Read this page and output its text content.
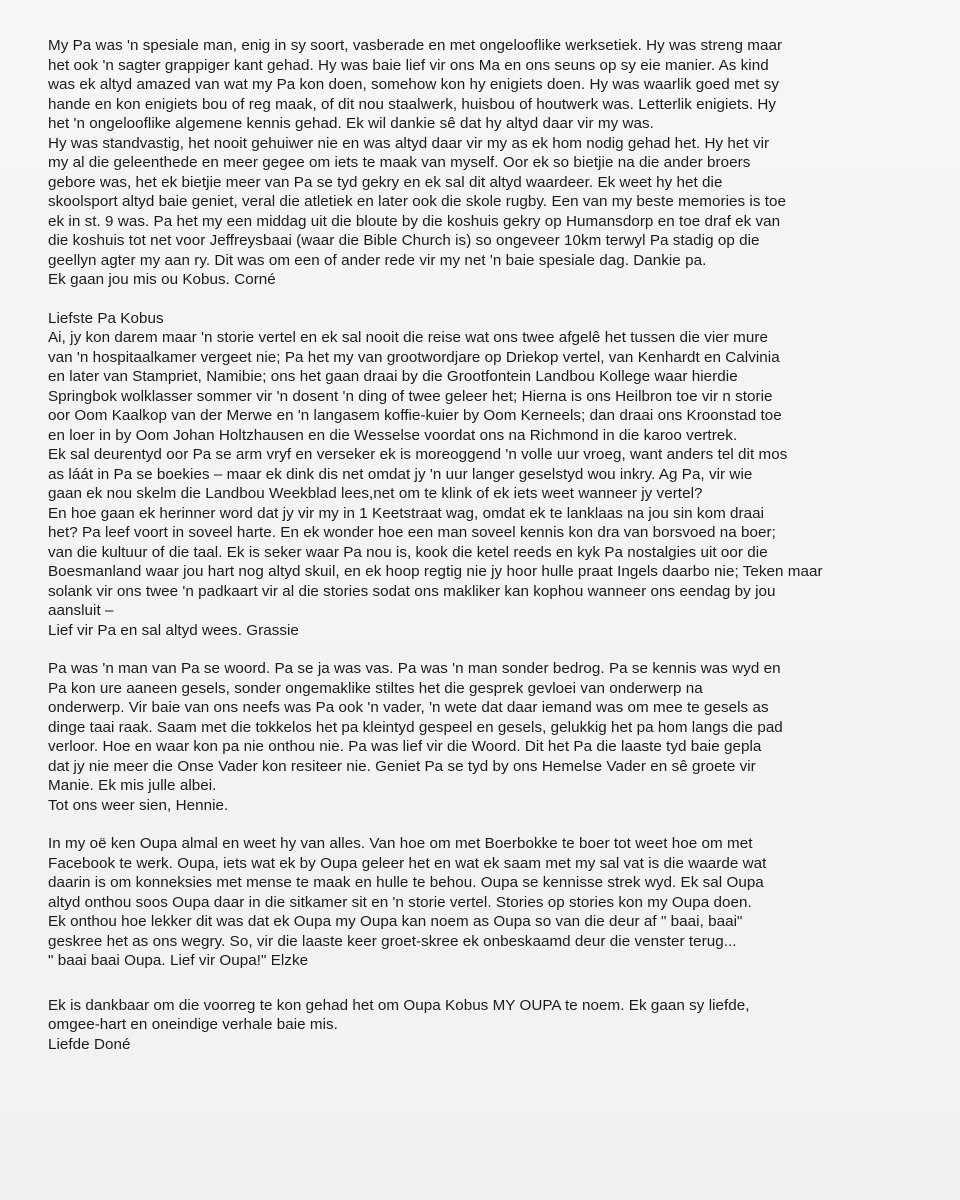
My Pa was 'n spesiale man, enig in sy soort, vasberade en met ongelooflike werksetiek. Hy was streng maar
het ook 'n sagter grappiger kant gehad. Hy was baie lief vir ons Ma en ons seuns op sy eie manier. As kind
was ek altyd amazed van wat my Pa kon doen, somehow kon hy enigiets doen. Hy was waarlik goed met sy
hande en kon enigiets bou of reg maak, of dit nou staalwerk, huisbou of houtwerk was. Letterlik enigiets. Hy
het 'n ongelooflike algemene kennis gehad. Ek wil dankie sê dat hy altyd daar vir my was.
Hy was standvastig, het nooit gehuiwer nie en was altyd daar vir my as ek hom nodig gehad het. Hy het vir
my al die geleenthede en meer gegee om iets te maak van myself. Oor ek so bietjie na die ander broers
gebore was, het ek bietjie meer van Pa se tyd gekry en ek sal dit altyd waardeer. Ek weet hy het die
skoolsport altyd baie geniet, veral die atletiek en later ook die skole rugby. Een van my beste memories is toe
ek in st. 9 was. Pa het my een middag uit die bloute by die koshuis gekry op Humansdorp en toe draf ek van
die koshuis tot net voor Jeffreysbaai (waar die Bible Church is) so ongeveer 10km terwyl Pa stadig op die
geellyn agter my aan ry. Dit was om een of ander rede vir my net 'n baie spesiale dag. Dankie pa.
Ek gaan jou mis ou Kobus. Corné

Liefste Pa Kobus
Ai, jy kon darem maar 'n storie vertel en ek sal nooit die reise wat ons twee afgelê het tussen die vier mure
van 'n hospitaalkamer vergeet nie; Pa het my van grootwordjare op Driekop vertel, van Kenhardt en Calvinia
en later van Stampriet, Namibie; ons het gaan draai by die Grootfontein Landbou Kollege waar hierdie
Springbok wolklasser sommer vir 'n dosent 'n ding of twee geleer het; Hierna is ons Heilbron toe vir n storie
oor Oom Kaalkop van der Merwe en 'n langasem koffie-kuier by Oom Kerneels; dan draai ons Kroonstad toe
en loer in by Oom Johan Holtzhausen en die Wesselse voordat ons na Richmond in die karoo vertrek.
Ek sal deurentyd oor Pa se arm vryf en verseker ek is moreoggend 'n volle uur vroeg, want anders tel dit mos
as láát in Pa se boekies – maar ek dink dis net omdat jy 'n uur langer geselstyd wou inkry. Ag Pa, vir wie
gaan ek nou skelm die Landbou Weekblad lees,net om te klink of ek iets weet wanneer jy vertel?
En hoe gaan ek herinner word dat jy vir my in 1 Keetstraat wag, omdat ek te lanklaas na jou sin kom draai
het? Pa leef voort in soveel harte. En ek wonder hoe een man soveel kennis kon dra van borsvoed na boer;
van die kultuur of die taal. Ek is seker waar Pa nou is, kook die ketel reeds en kyk Pa nostalgies uit oor die
Boesmanland waar jou hart nog altyd skuil, en ek hoop regtig nie jy hoor hulle praat Ingels daarbo nie; Teken maar
solank vir ons twee 'n padkaart vir al die stories sodat ons makliker kan kophou wanneer ons eendag by jou
aansluit –
Lief vir Pa en sal altyd wees. Grassie

Pa was 'n man van Pa se woord. Pa se ja was vas. Pa was 'n man sonder bedrog. Pa se kennis was wyd en
Pa kon ure aaneen gesels, sonder ongemaklike stiltes het die gesprek gevloei van onderwerp na
onderwerp. Vir baie van ons neefs was Pa ook 'n vader, 'n wete dat daar iemand was om mee te gesels as
dinge taai raak. Saam met die tokkelos het pa kleintyd gespeel en gesels, gelukkig het pa hom langs die pad
verloor. Hoe en waar kon pa nie onthou nie. Pa was lief vir die Woord. Dit het Pa die laaste tyd baie gepla
dat jy nie meer die Onse Vader kon resiteer nie. Geniet Pa se tyd by ons Hemelse Vader en sê groete vir
Manie. Ek mis julle albei.
Tot ons weer sien, Hennie.

In my oë ken Oupa almal en weet hy van alles. Van hoe om met Boerbokke te boer tot weet hoe om met
Facebook te werk. Oupa, iets wat ek by Oupa geleer het en wat ek saam met my sal vat is die waarde wat
daarin is om konneksies met mense te maak en hulle te behou. Oupa se kennisse strek wyd. Ek sal Oupa
altyd onthou soos Oupa daar in die sitkamer sit en 'n storie vertel. Stories op stories kon my Oupa doen.
Ek onthou hoe lekker dit was dat ek Oupa my Oupa kan noem as Oupa so van die deur af " baai, baai"
geskree het as ons wegry. So, vir die laaste keer groet-skree ek onbeskaamd deur die venster terug...
" baai baai Oupa. Lief vir Oupa!" Elzke

Ek is dankbaar om die voorreg te kon gehad het om Oupa Kobus MY OUPA te noem. Ek gaan sy liefde,
omgee-hart en oneindige verhale baie mis.
Liefde Doné
